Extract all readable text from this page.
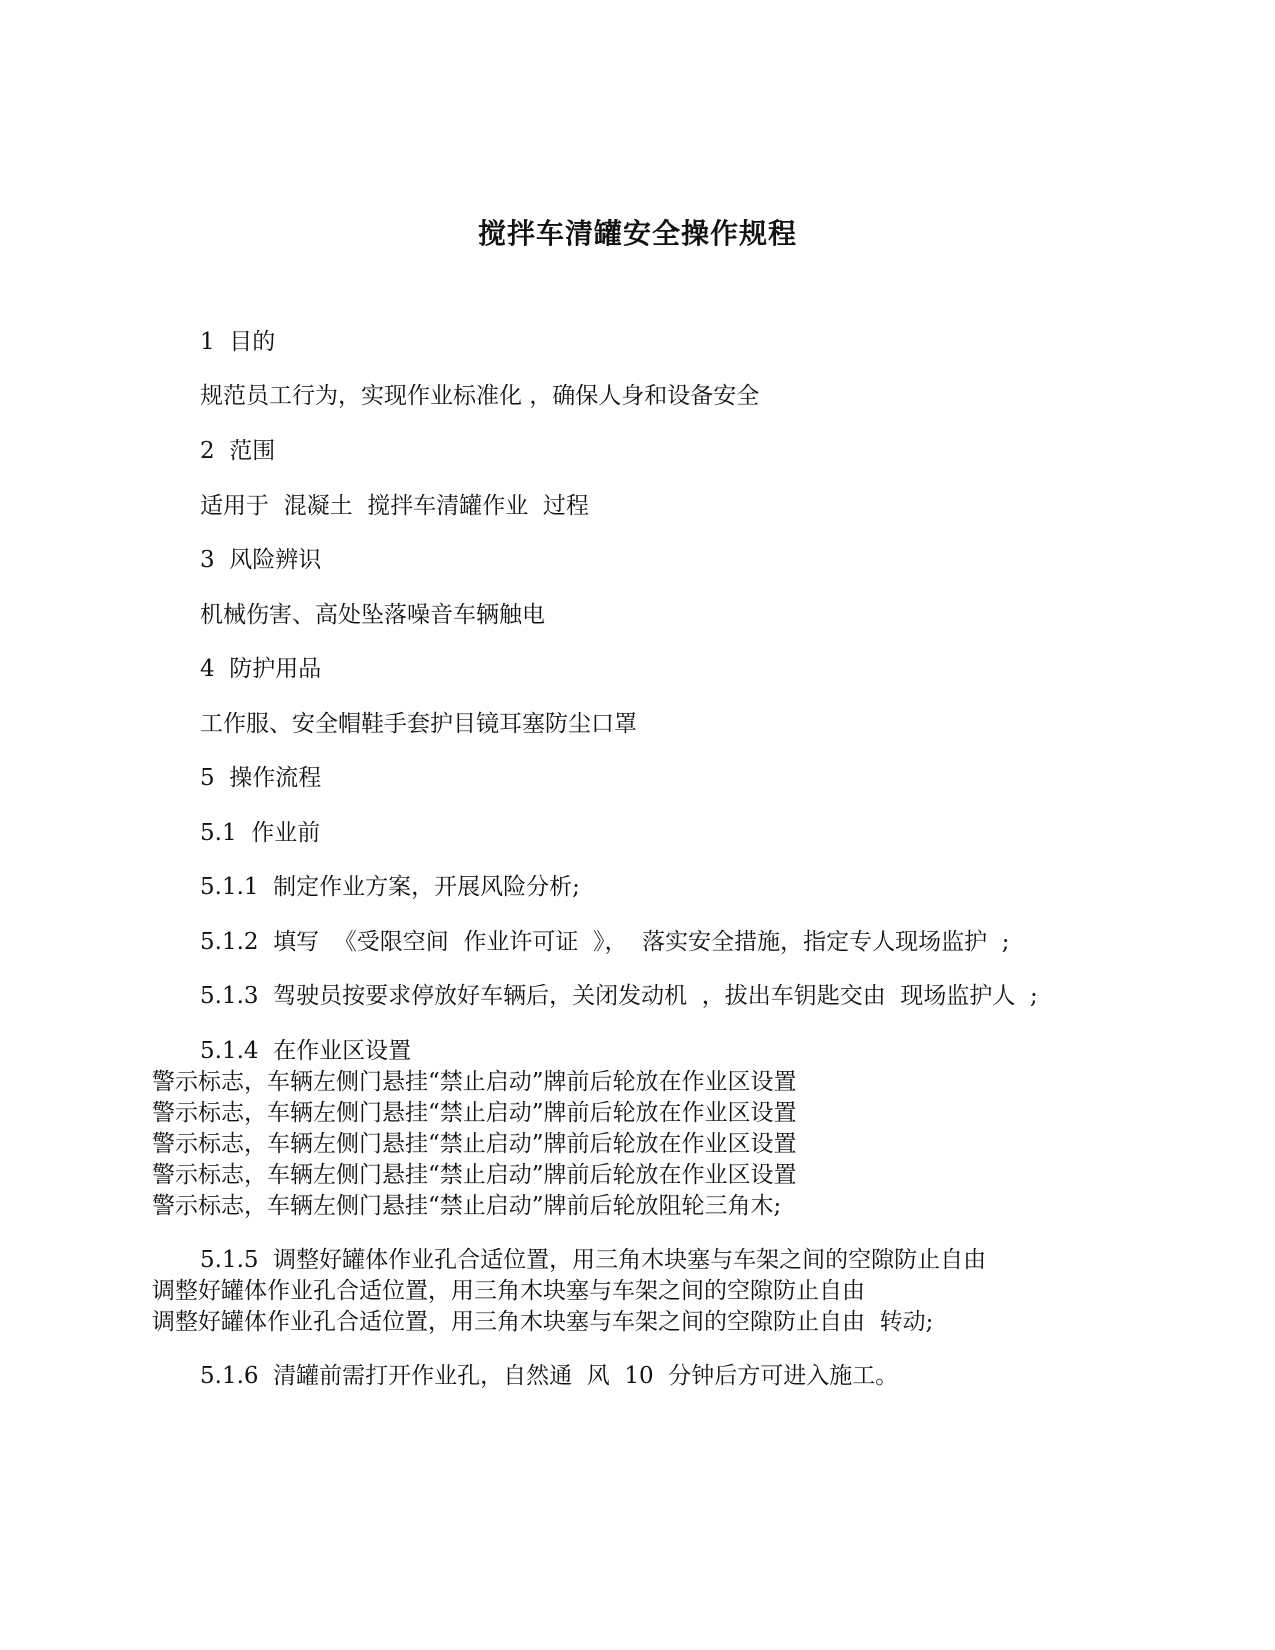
搅拌车清罐安全操作规程
1  目的
规范员工行为，实现作业标准化 ，确保人身和设备安全
2  范围
适用于  混凝土  搅拌车清罐作业  过程
3  风险辨识
机械伤害、高处坠落噪音车辆触电
4  防护用品
工作服、安全帽鞋手套护目镜耳塞防尘口罩
5  操作流程
5.1  作业前
5.1.1  制定作业方案，开展风险分析;
5.1.2  填写  《受限空间  作业许可证  》，  落实安全措施，指定专人现场监护  ;
5.1.3  驾驶员按要求停放好车辆后，关闭发动机  ，拔出车钥匙交由  现场监护人  ;
5.1.4  在作业区设置
警示标志，车辆左侧门悬挂“禁止启动”牌前后轮放在作业区设置
警示标志，车辆左侧门悬挂“禁止启动”牌前后轮放在作业区设置
警示标志，车辆左侧门悬挂“禁止启动”牌前后轮放在作业区设置
警示标志，车辆左侧门悬挂“禁止启动”牌前后轮放在作业区设置
警示标志，车辆左侧门悬挂“禁止启动”牌前后轮放阻轮三角木;
5.1.5  调整好罐体作业孔合适位置，用三角木块塞与车架之间的空隙防止自由
调整好罐体作业孔合适位置，用三角木块塞与车架之间的空隙防止自由
调整好罐体作业孔合适位置，用三角木块塞与车架之间的空隙防止自由  转动;
5.1.6  清罐前需打开作业孔，自然通  风  10  分钟后方可进入施工。
